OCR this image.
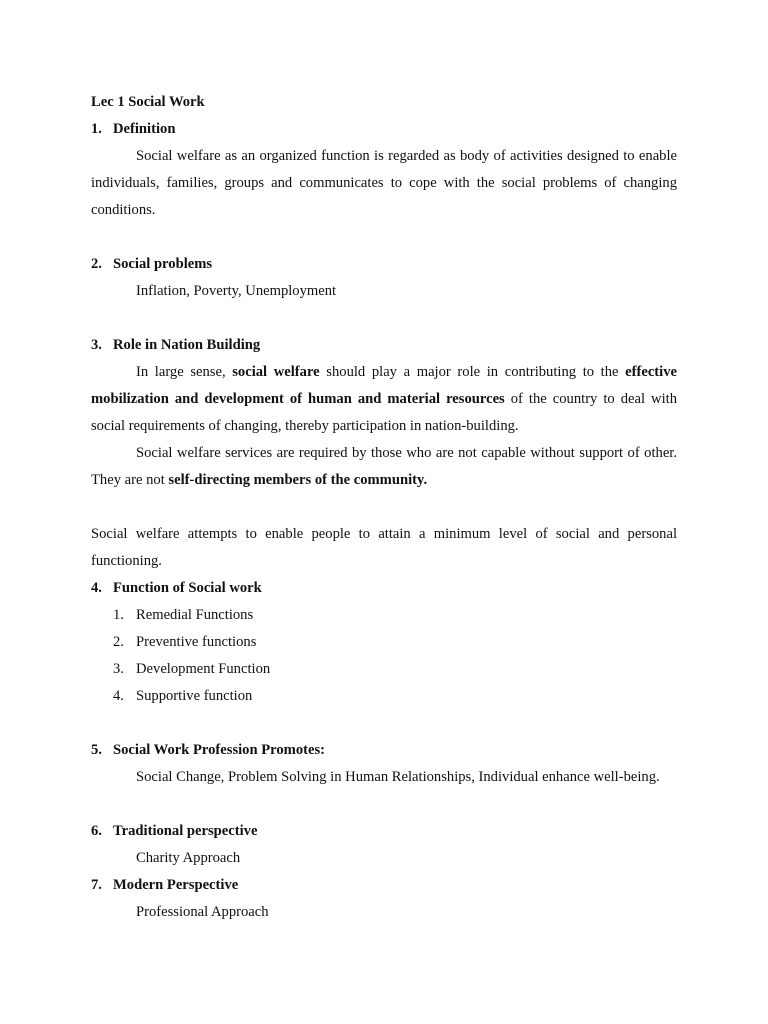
Lec 1 Social Work
1. Definition

Social welfare as an organized function is regarded as body of activities designed to enable individuals, families, groups and communicates to cope with the social problems of changing conditions.

2. Social problems
Inflation, Poverty, Unemployment
3. Role in Nation Building

In large sense, social welfare should play a major role in contributing to the effective mobilization and development of human and material resources of the country to deal with social requirements of changing, thereby participation in nation-building.

Social welfare services are required by those who are not capable without support of other. They are not self-directing members of the community.

Social welfare attempts to enable people to attain a minimum level of social and personal functioning.

4. Function of Social work
1. Remedial Functions
2. Preventive functions
3. Development Function
4. Supportive function
5. Social Work Profession Promotes:
Social Change, Problem Solving in Human Relationships, Individual enhance well-being.
6. Traditional perspective
Charity Approach
7. Modern Perspective
Professional Approach
